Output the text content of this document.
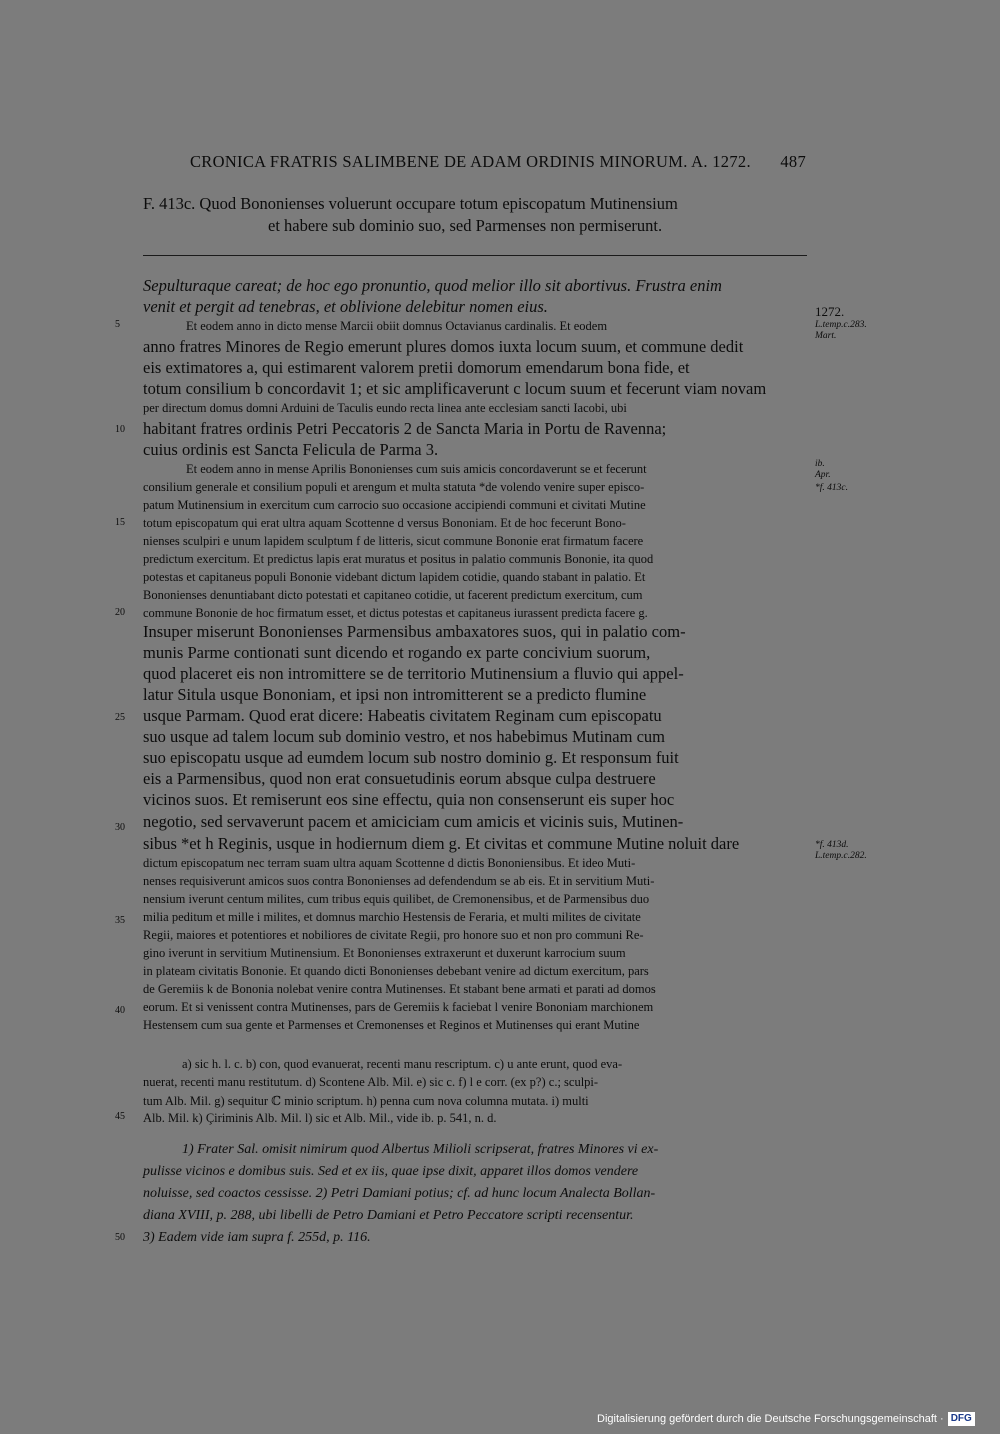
CRONICA FRATRIS SALIMBENE DE ADAM ORDINIS MINORUM. A. 1272. 487
F. 413c. Quod Bononienses voluerunt occupare totum episcopatum Mutinensium
et habere sub dominio suo, sed Parmenses non permiserunt.
Sepulturaque careat; de hoc ego pronuntio, quod melior illo sit abortivus. Frustra enim
venit et pergit ad tenebras, et oblivione delebitur nomen eius.
Et eodem anno in dicto mense Marcii obiit domnus Octavianus cardinalis. Et eodem
anno fratres Minores de Regio emerunt plures domos iuxta locum suum, et commune dedit
eis extimatores a, qui estimarent valorem pretii domorum emendarum bona fide, et
totum consilium b concordavit 1; et sic amplificaverunt c locum suum et fecerunt viam novam
per directum domus domni Arduini de Taculis eundo recta linea ante ecclesiam sancti Iacobi, ubi
habitant fratres ordinis Petri Peccatoris 2 de Sancta Maria in Portu de Ravenna;
cuius ordinis est Sancta Felicula de Parma 3.
Et eodem anno in mense Aprilis Bononienses cum suis amicis concordaverunt se et fecerunt
consilium generale et consilium populi et arengum et multa statuta *de volendo venire super episco-
patum Mutinensium in exercitum cum carrocio suo occasione accipiendi communi et civitati Mutine
totum episcopatum qui erat ultra aquam Scottenne d versus Bononiam. Et de hoc fecerunt Bono-
nienses sculpiri e unum lapidem sculptum f de litteris, sicut commune Bononie erat firmatum facere
predictum exercitum. Et predictus lapis erat muratus et positus in palatio communis Bononie, ita quod
potestas et capitaneus populi Bononie videbant dictum lapidem cotidie, quando stabant in palatio. Et
Bononienses denuntiabant dicto potestati et capitaneo cotidie, ut facerent predictum exercitum, cum
commune Bononie de hoc firmatum esset, et dictus potestas et capitaneus iurassent predicta facere g.
Insuper miserunt Bononienses Parmensibus ambaxatores suos, qui in palatio com-
munis Parme contionati sunt dicendo et rogando ex parte concivium suorum,
quod placeret eis non intromittere se de territorio Mutinensium a fluvio qui appel-
latur Situla usque Bononiam, et ipsi non intromitterent se a predicto flumine
usque Parmam. Quod erat dicere: Habeatis civitatem Reginam cum episcopatu
suo usque ad talem locum sub dominio vestro, et nos habebimus Mutinam cum
suo episcopatu usque ad eumdem locum sub nostro dominio g. Et responsum fuit
eis a Parmensibus, quod non erat consuetudinis eorum absque culpa destruere
vicinos suos. Et remiserunt eos sine effectu, quia non consenserunt eis super hoc
negotio, sed servaverunt pacem et amiciciam cum amicis et vicinis suis, Mutinen-
sibus *et h Reginis, usque in hodiernum diem g. Et civitas et commune Mutine noluit dare
dictum episcopatum nec terram suam ultra aquam Scottenne d dictis Bononiensibus. Et ideo Muti-
nenses requisiverunt amicos suos contra Bononienses ad defendendum se ab eis. Et in servitium Muti-
nensium iverunt centum milites, cum tribus equis quilibet, de Cremonensibus, et de Parmensibus duo
milia peditum et mille i milites, et domnus marchio Hestensis de Feraria, et multi milites de civitate
Regii, maiores et potentiores et nobiliores de civitate Regii, pro honore suo et non pro communi Re-
gino iverunt in servitium Mutinensium. Et Bononienses extraxerunt et duxerunt karrocium suum
in plateam civitatis Bononie. Et quando dicti Bononienses debebant venire ad dictum exercitum, pars
de Geremiis k de Bononia nolebat venire contra Mutinenses. Et stabant bene armati et parati ad domos
eorum. Et si venissent contra Mutinenses, pars de Geremiis k faciebat l venire Bononiam marchionem
Hestensem cum sua gente et Parmenses et Cremonenses et Reginos et Mutinenses qui erant Mutine
5
10
15
20
25
30
35
40
45
50
1272.
L.temp.c.283.
Mart.
ib.
Apr.
*f. 413c.
*f. 413d.
L.temp.c.282.
a) sic h. l. c. b) con, quod evanuerat, recenti manu rescriptum. c) u ante erunt, quod eva-
nuerat, recenti manu restitutum. d) Scontene Alb. Mil. e) sic c. f) l e corr. (ex p?) c.; sculpi-
tum Alb. Mil. g) sequitur ℂ minio scriptum. h) penna cum nova columna mutata. i) multi
Alb. Mil. k) Çiriminis Alb. Mil. l) sic et Alb. Mil., vide ib. p. 541, n. d.
1) Frater Sal. omisit nimirum quod Albertus Milioli scripserat, fratres Minores vi ex-
pulisse vicinos e domibus suis. Sed et ex iis, quae ipse dixit, apparet illos domos vendere
noluisse, sed coactos cessisse. 2) Petri Damiani potius; cf. ad hunc locum Analecta Bollan-
diana XVIII, p. 288, ubi libelli de Petro Damiani et Petro Peccatore scripti recensentur.
3) Eadem vide iam supra f. 255d, p. 116.
Digitalisierung gefördert durch die Deutsche Forschungsgemeinschaft · DFG
